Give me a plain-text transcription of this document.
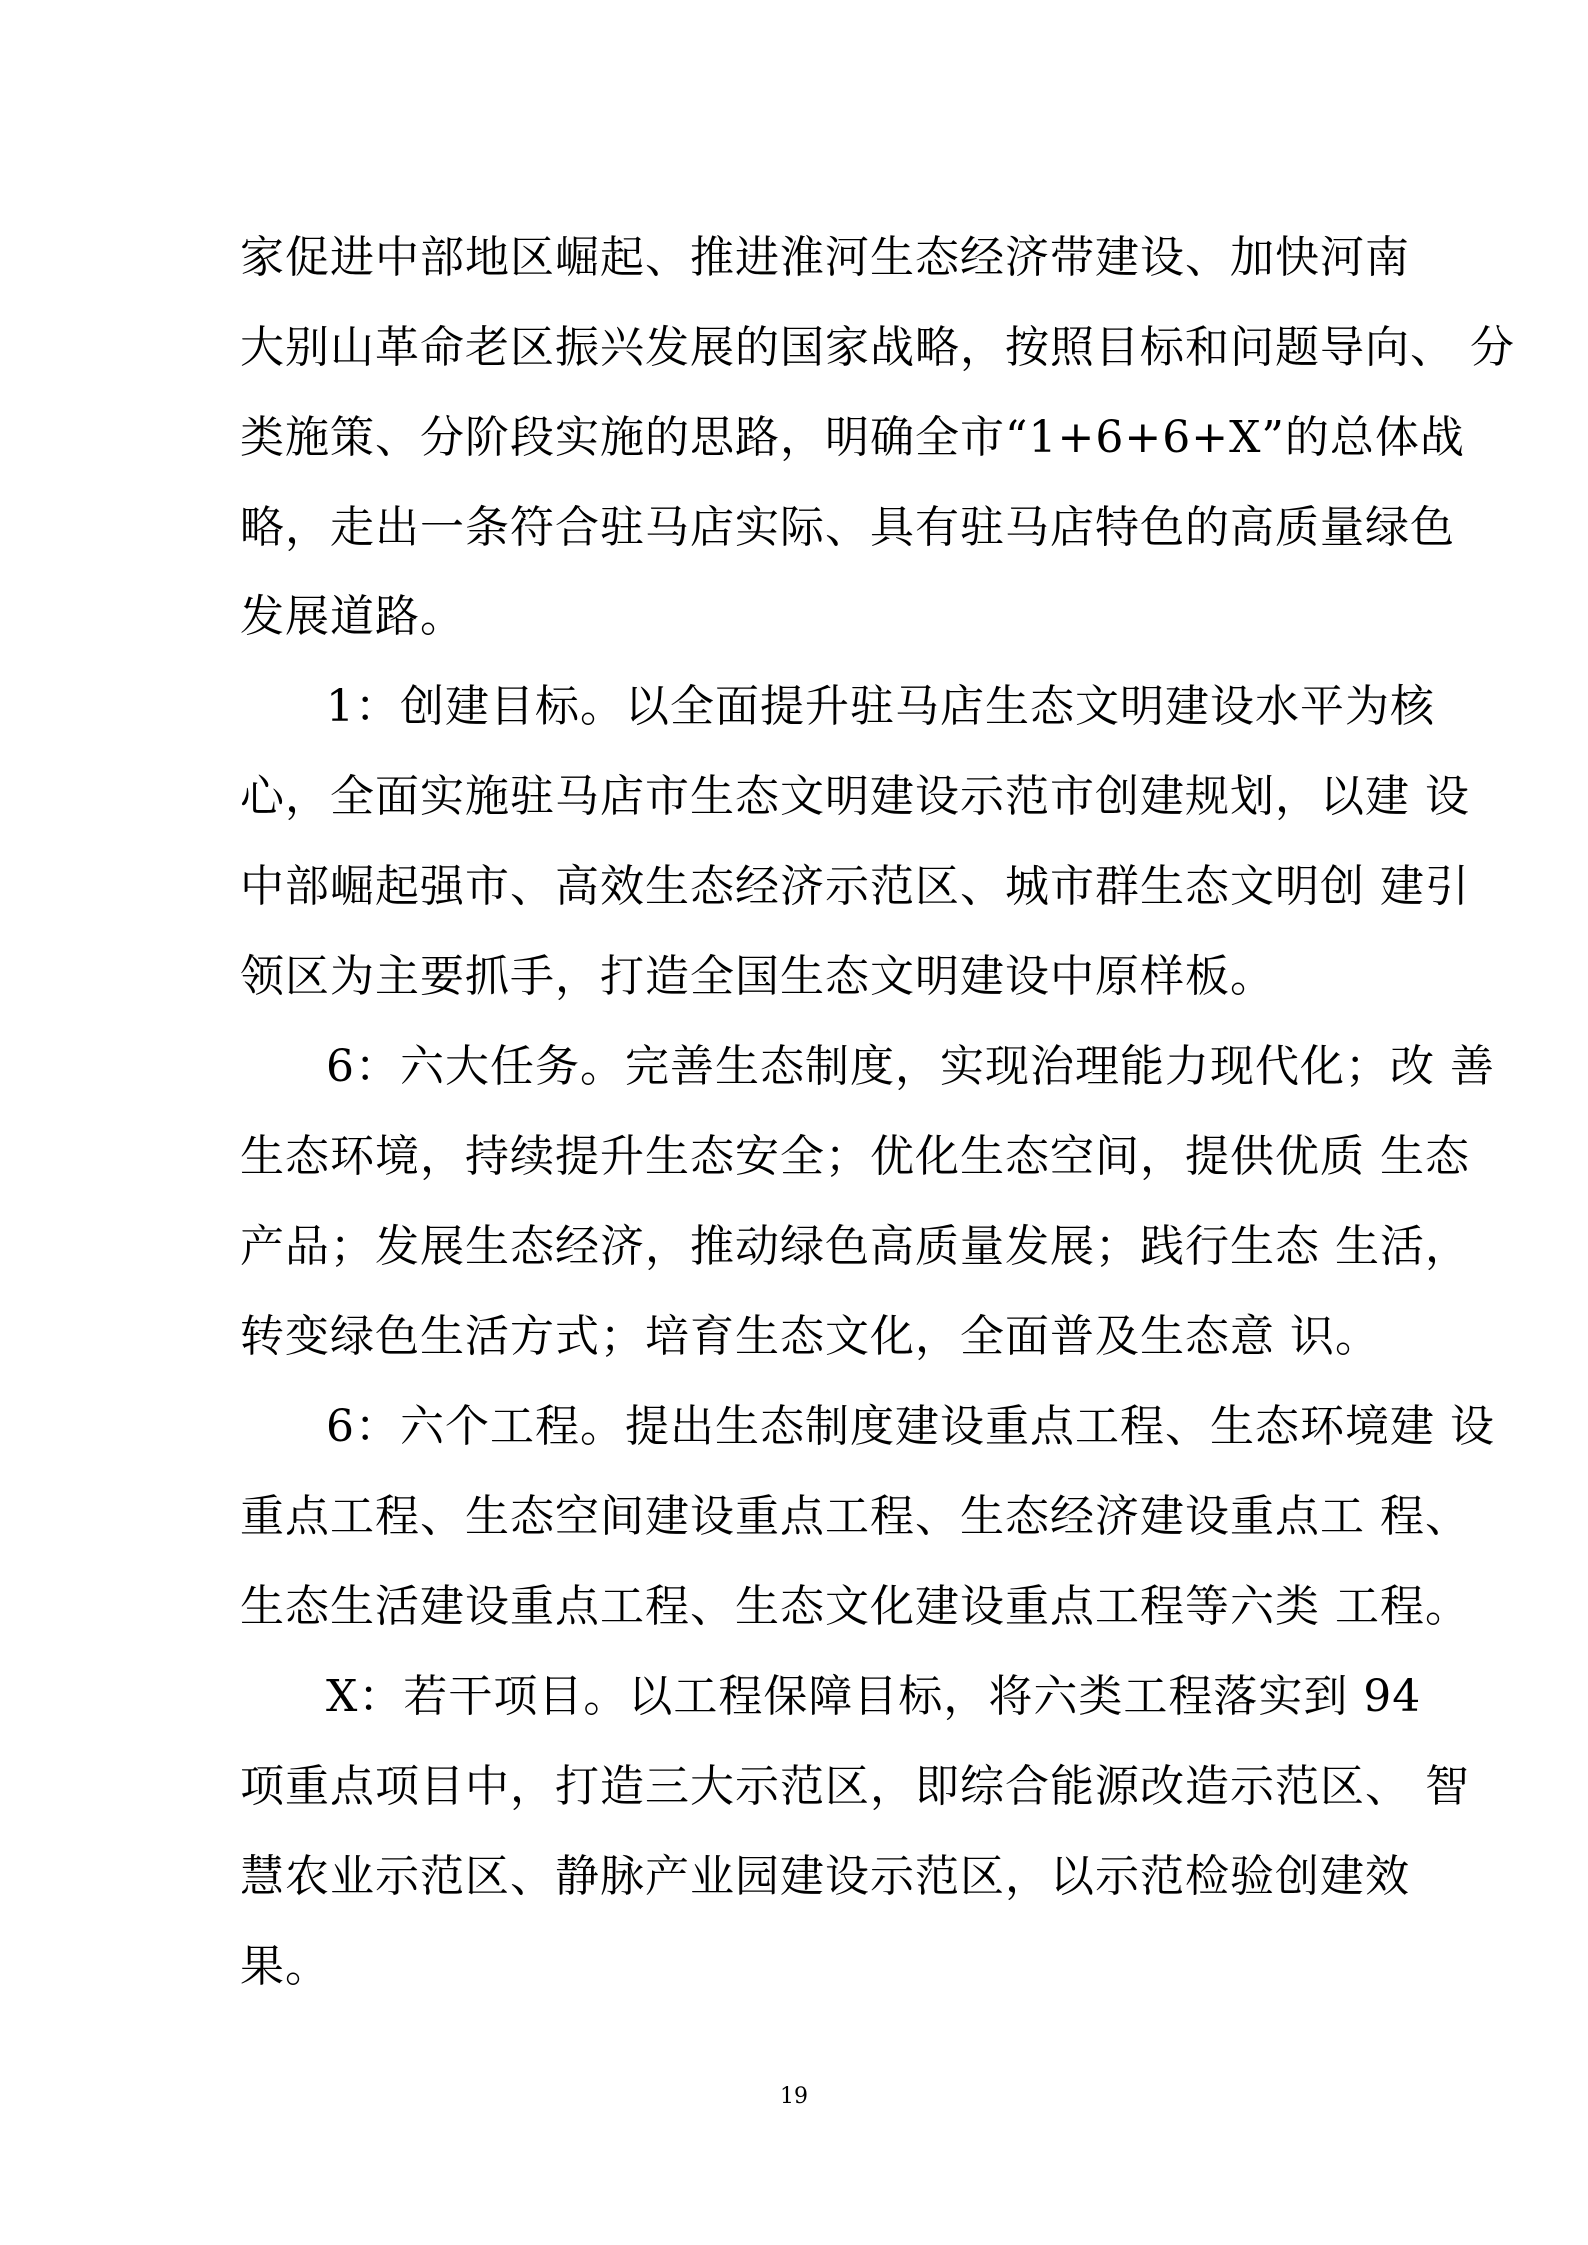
家促进中部地区崛起、推进淮河生态经济带建设、加快河南
大别山革命老区振兴发展的国家战略，按照目标和问题导向、 分
类施策、分阶段实施的思路，明确全市“1+6+6+X”的总体战
略，走出一条符合驻马店实际、具有驻马店特色的高质量绿色
发展道路。
1：创建目标。以全面提升驻马店生态文明建设水平为核
心，全面实施驻马店市生态文明建设示范市创建规划，以建 设
中部崛起强市、高效生态经济示范区、城市群生态文明创 建引
领区为主要抓手，打造全国生态文明建设中原样板。
6：六大任务。完善生态制度，实现治理能力现代化；改 善
生态环境，持续提升生态安全；优化生态空间，提供优质 生态
产品；发展生态经济，推动绿色高质量发展；践行生态 生活，
转变绿色生活方式；培育生态文化，全面普及生态意 识。
6：六个工程。提出生态制度建设重点工程、生态环境建 设
重点工程、生态空间建设重点工程、生态经济建设重点工 程、
生态生活建设重点工程、生态文化建设重点工程等六类 工程。
X：若干项目。以工程保障目标，将六类工程落实到 94
项重点项目中，打造三大示范区，即综合能源改造示范区、 智
慧农业示范区、静脉产业园建设示范区，以示范检验创建效
果。
19
